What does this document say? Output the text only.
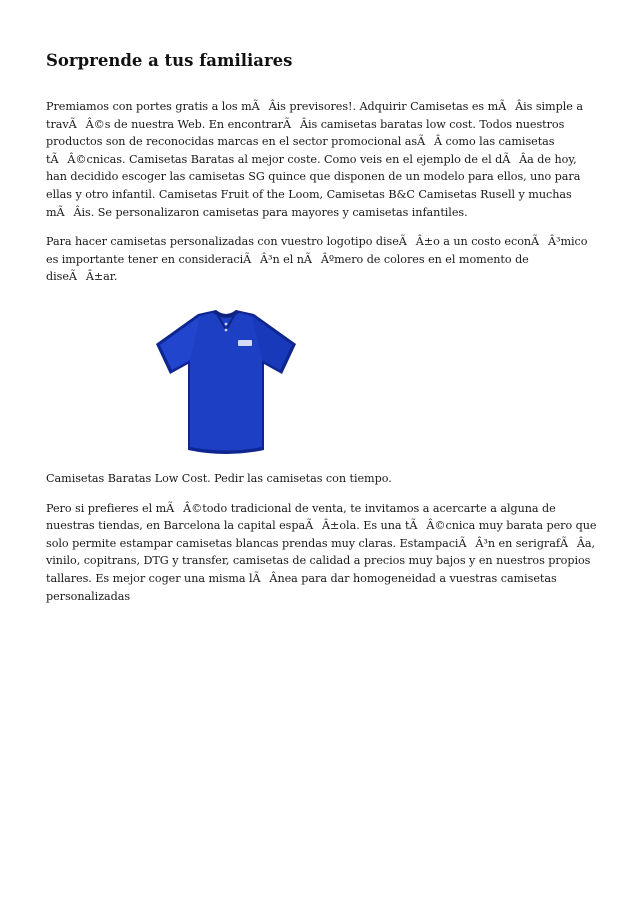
Sorprende a tus familiares

Premiamos con portes gratis a los mÃÂis previsores!. Adquirir Camisetas es mÃÂis simple a travÃÂ©s de nuestra Web. En encontrarÃÂis camisetas baratas low cost. Todos nuestros productos son de reconocidas marcas en el sector promocional asÃÂ como las camisetas tÃÂ©cnicas. Camisetas Baratas al mejor coste. Como veis en el ejemplo de el dÃÂa de hoy, han decidido escoger las camisetas SG quince que disponen de un modelo para ellos, uno para ellas y otro infantil. Camisetas Fruit of the Loom, Camisetas B&C Camisetas Rusell y muchas mÃÂis. Se personalizaron camisetas para mayores y camisetas infantiles.

Para hacer camisetas personalizadas con vuestro logotipo diseÃÂ±o a un costo econÃÂ³mico es importante tener en consideraciÃÂ³n el nÃÂºmero de colores en el momento de diseÃÂ±ar.

Camisetas Baratas Low Cost. Pedir las camisetas con tiempo.

Pero si prefieres el mÃÂ©todo tradicional de venta, te invitamos a acercarte a alguna de nuestras tiendas, en Barcelona la capital espaÃÂ±ola. Es una tÃÂ©cnica muy barata pero que solo permite estampar camisetas blancas prendas muy claras. EstampaciÃÂ³n en serigrafÃÂa, vinilo, copitrans, DTG y transfer, camisetas de calidad a precios muy bajos y en nuestros propios tallares. Es mejor coger una misma lÃÂnea para dar homogeneidad a vuestras camisetas personalizadas
